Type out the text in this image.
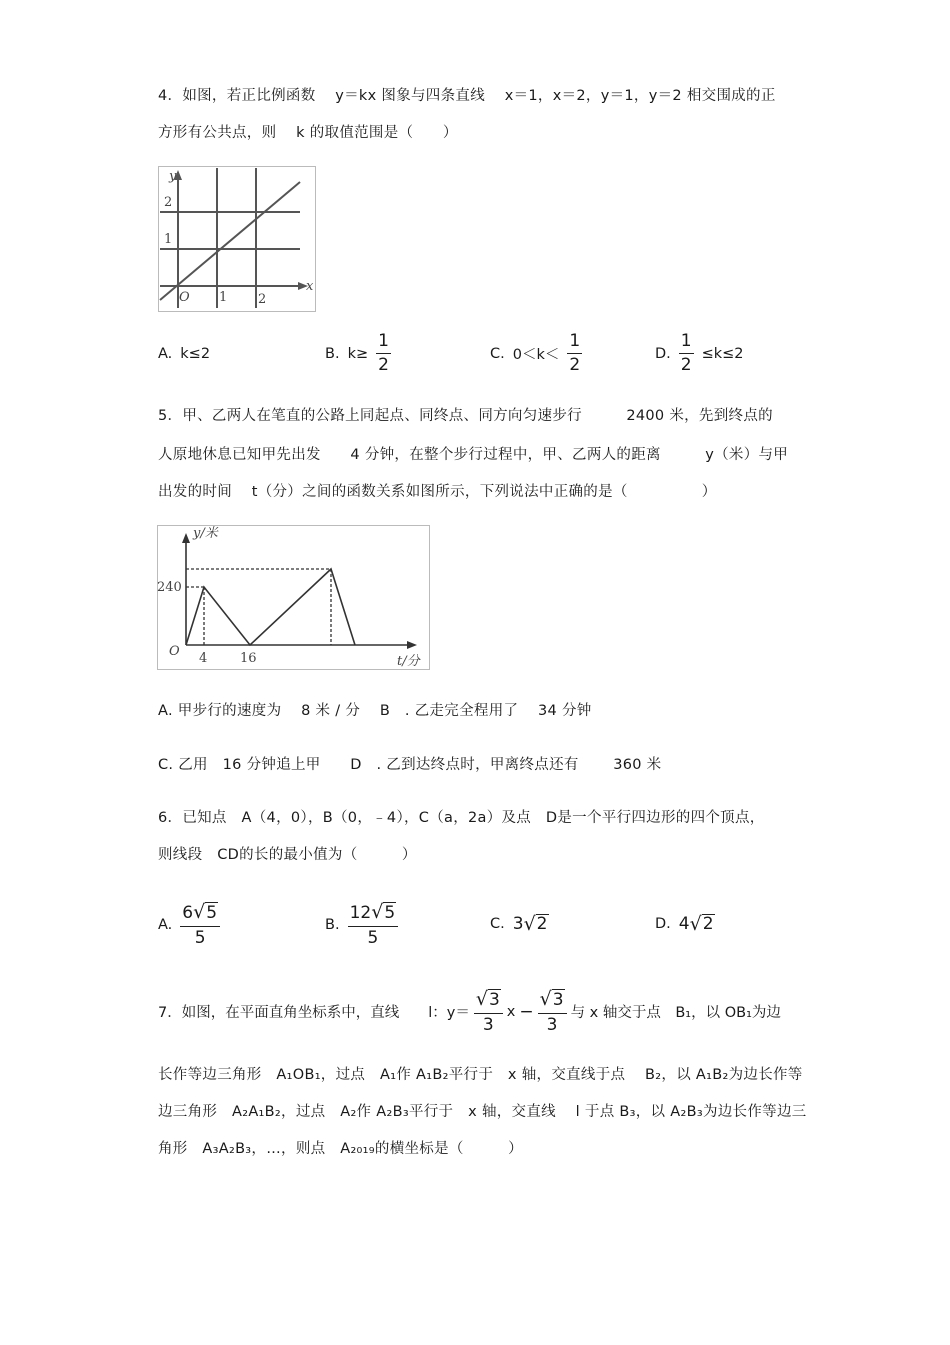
4．如图，若正比例函数　 y＝kx 图象与四条直线　 x＝1，x＝2，y＝1，y＝2 相交围成的正
方形有公共点，则　 k 的取值范围是（　　）
y
x
O 1 2
1
2
A. k≤2	B. $k\ge \frac{1}{2}$	C. $0<k< \frac{1}{2}$	D. $\frac{1}{2} \le k\le 2$
5．甲、乙两人在笔直的公路上同起点、同终点、同方向匀速步行　　　2400 米，先到终点的
人原地休息已知甲先出发　　4 分钟，在整个步行过程中，甲、乙两人的距离　　　y（米）与甲
出发的时间　 t（分）之间的函数关系如图所示，下列说法中正确的是（　　　　　）
y/米
t/分
O
240
4	16
A. 甲步行的速度为　 8 米 / 分　 B　. 乙走完全程用了　 34 分钟
C. 乙用　16 分钟追上甲　　D　. 乙到达终点时，甲离终点还有　　 360 米
6．已知点　A（4，0），B（0，﹣4），C（a，2a）及点　D是一个平行四边形的四个顶点，
则线段　CD的长的最小值为（　　　）
A. $\frac{6√5}{5}$	B. $\frac{12√5}{5}$	C. 3 √ 2	D. 4 √ 2
7．如图，在平面直角坐标系中，直线　　l：$y= \frac{√3}{3}$ $x - \frac{√3}{3}$ 与 x 轴交于点　B₁，以 OB₁为边
长作等边三角形　A₁OB₁，过点　A₁作 A₁B₂平行于　x 轴，交直线于点　 B₂，以 A₁B₂为边长作等
边三角形　A₂A₁B₂，过点　A₂作 A₂B₃平行于　x 轴，交直线　 l 于点 B₃，以 A₂B₃为边长作等边三
角形　A₃A₂B₃，…，则点　A₂₀₁₉的横坐标是（　　　）
